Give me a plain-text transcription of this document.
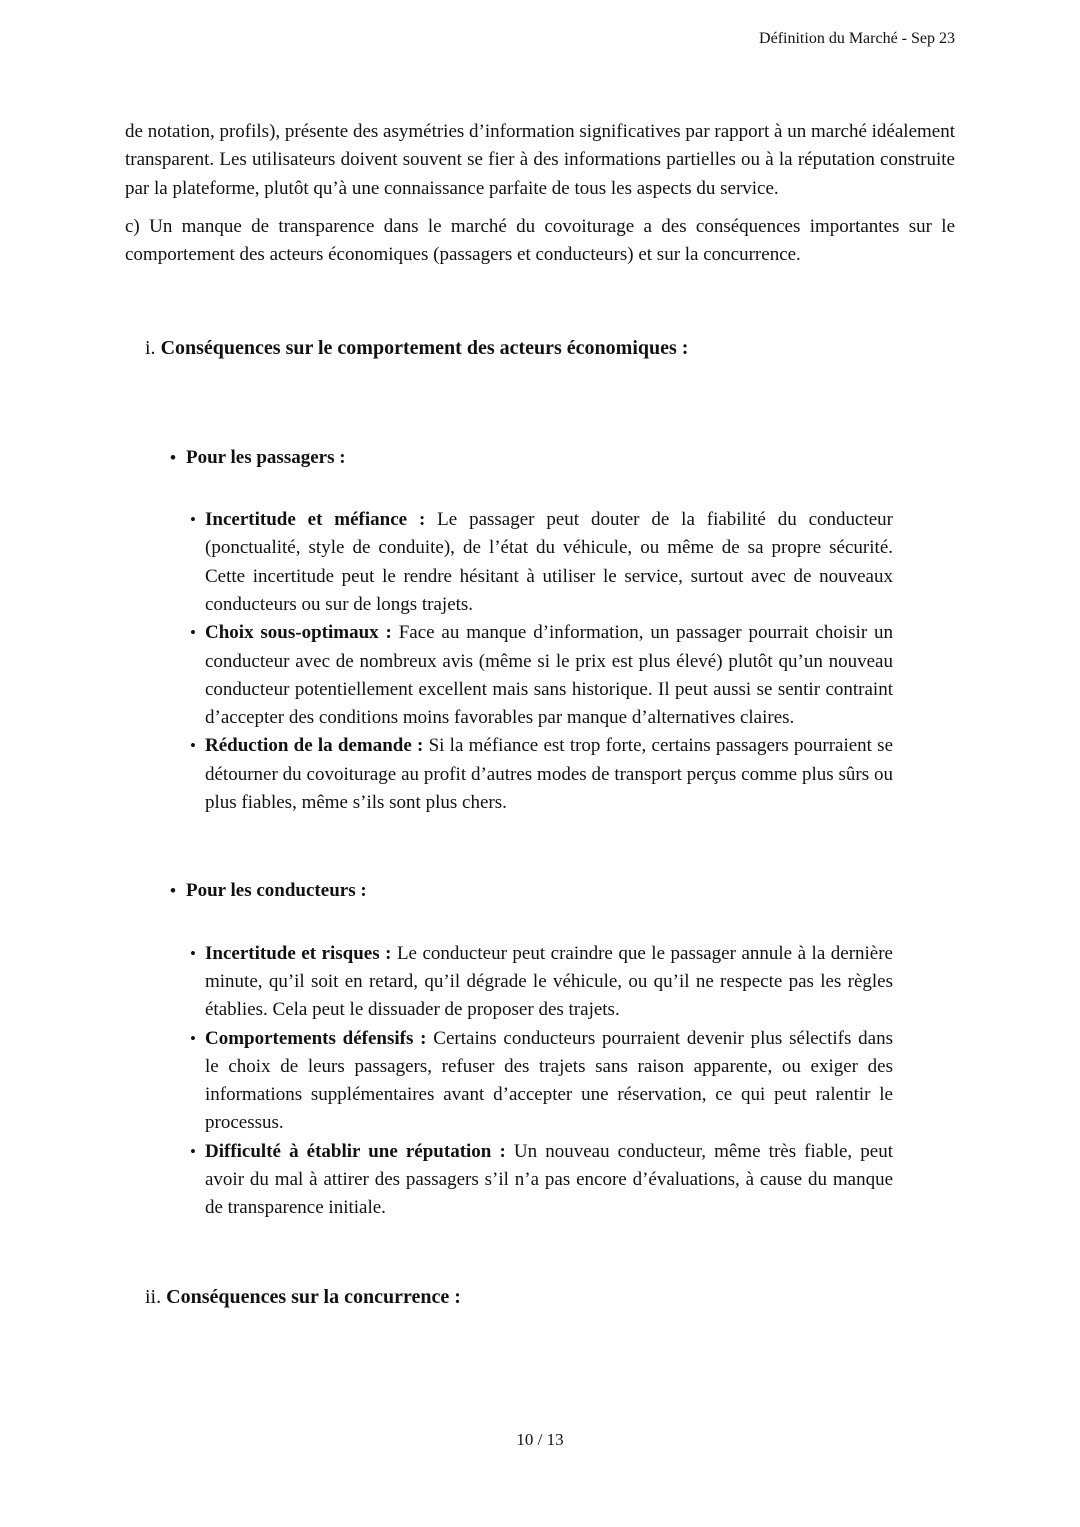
Définition du Marché - Sep 23

de notation, profils), présente des asymétries d’information significatives par rapport à un marché idéalement transparent. Les utilisateurs doivent souvent se fier à des informations partielles ou à la réputation construite par la plateforme, plutôt qu’à une connaissance parfaite de tous les aspects du service.

c) Un manque de transparence dans le marché du covoiturage a des conséquences importantes sur le comportement des acteurs économiques (passagers et conducteurs) et sur la concurrence.

i. Conséquences sur le comportement des acteurs économiques :
• Pour les passagers :
• Incertitude et méfiance : Le passager peut douter de la fiabilité du conducteur (ponctualité, style de conduite), de l’état du véhicule, ou même de sa propre sécurité. Cette incertitude peut le rendre hésitant à utiliser le service, surtout avec de nouveaux conducteurs ou sur de longs trajets.

• Choix sous-optimaux : Face au manque d’information, un passager pourrait choisir un conducteur avec de nombreux avis (même si le prix est plus élevé) plutôt qu’un nouveau conducteur potentiellement excellent mais sans historique. Il peut aussi se sentir contraint d’accepter des conditions moins favorables par manque d’alternatives claires.

• Réduction de la demande : Si la méfiance est trop forte, certains passagers pourraient se détourner du covoiturage au profit d’autres modes de transport perçus comme plus sûrs ou plus fiables, même s’ils sont plus chers.

• Pour les conducteurs :
• Incertitude et risques : Le conducteur peut craindre que le passager annule à la dernière minute, qu’il soit en retard, qu’il dégrade le véhicule, ou qu’il ne respecte pas les règles établies. Cela peut le dissuader de proposer des trajets.

• Comportements défensifs : Certains conducteurs pourraient devenir plus sélectifs dans le choix de leurs passagers, refuser des trajets sans raison apparente, ou exiger des informations supplémentaires avant d’accepter une réservation, ce qui peut ralentir le processus.

• Difficulté à établir une réputation : Un nouveau conducteur, même très fiable, peut avoir du mal à attirer des passagers s’il n’a pas encore d’évaluations, à cause du manque de transparence initiale.

ii. Conséquences sur la concurrence :
10 / 13
